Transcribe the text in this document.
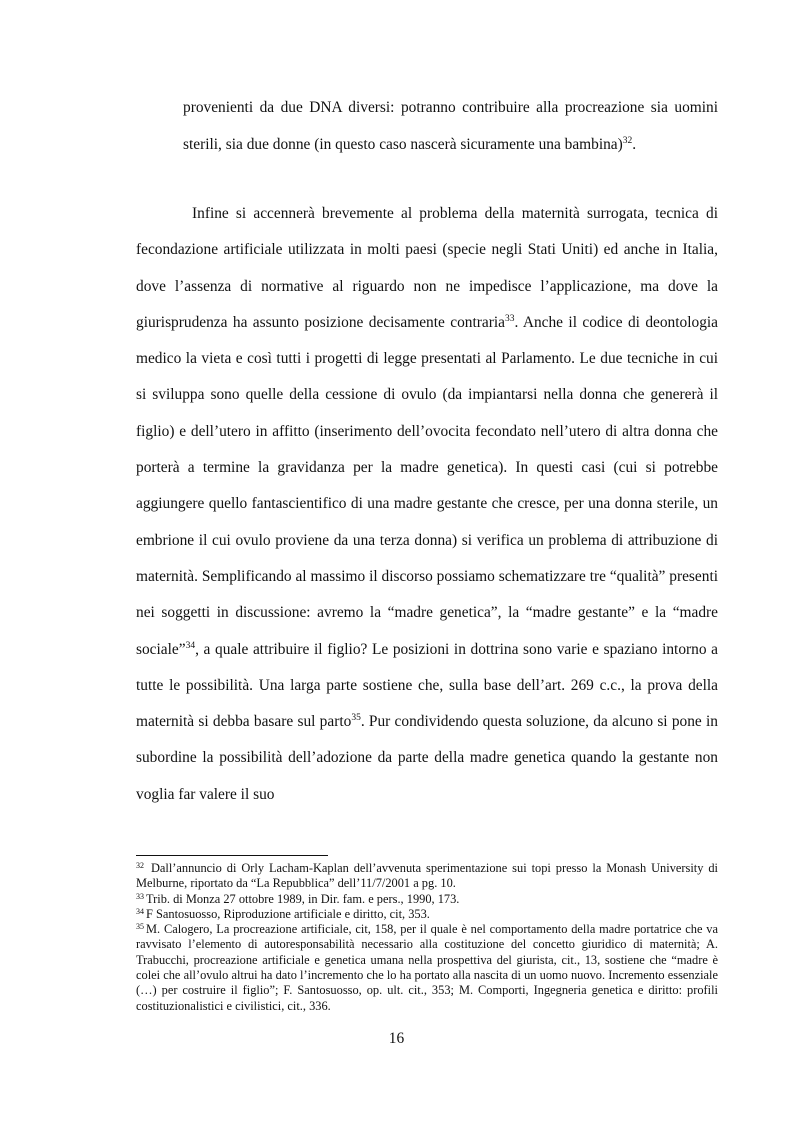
provenienti da due DNA diversi: potranno contribuire alla procreazione sia uomini sterili, sia due donne (in questo caso nascerà sicuramente una bambina)$^{32}$.

Infine si accennerà brevemente al problema della maternità surrogata, tecnica di fecondazione artificiale utilizzata in molti paesi (specie negli Stati Uniti) ed anche in Italia, dove l’assenza di normative al riguardo non ne impedisce l’applicazione, ma dove la giurisprudenza ha assunto posizione decisamente contraria$^{33}$. Anche il codice di deontologia medico la vieta e così tutti i progetti di legge presentati al Parlamento. Le due tecniche in cui si sviluppa sono quelle della cessione di ovulo (da impiantarsi nella donna che genererà il figlio) e dell’utero in affitto (inserimento dell’ovocita fecondato nell’utero di altra donna che porterà a termine la gravidanza per la madre genetica). In questi casi (cui si potrebbe aggiungere quello fantascientifico di una madre gestante che cresce, per una donna sterile, un embrione il cui ovulo proviene da una terza donna) si verifica un problema di attribuzione di maternità. Semplificando al massimo il discorso possiamo schematizzare tre “qualità” presenti nei soggetti in discussione: avremo la “madre genetica”, la “madre gestante” e la “madre sociale”$^{34}$, a quale attribuire il figlio? Le posizioni in dottrina sono varie e spaziano intorno a tutte le possibilità. Una larga parte sostiene che, sulla base dell’art. 269 c.c., la prova della maternità si debba basare sul parto$^{35}$. Pur condividendo questa soluzione, da alcuno si pone in subordine la possibilità dell’adozione da parte della madre genetica quando la gestante non voglia far valere il suo

$^{32}$ Dall’annuncio di Orly Lacham-Kaplan dell’avvenuta sperimentazione sui topi presso la Monash University di Melburne, riportato da “La Repubblica” dell’11/7/2001 a pg. 10.

$^{33}$ Trib. di Monza 27 ottobre 1989, in Dir. fam. e pers., 1990, 173.

$^{34}$ F Santosuosso, Riproduzione artificiale e diritto, cit, 353.

$^{35}$ M. Calogero, La procreazione artificiale, cit, 158, per il quale è nel comportamento della madre portatrice che va ravvisato l’elemento di autoresponsabilità necessario alla costituzione del concetto giuridico di maternità; A. Trabucchi, procreazione artificiale e genetica umana nella prospettiva del giurista, cit., 13, sostiene che “madre è colei che all’ovulo altrui ha dato l’incremento che lo ha portato alla nascita di un uomo nuovo. Incremento essenziale (…) per costruire il figlio”; F. Santosuosso, op. ult. cit., 353; M. Comporti, Ingegneria genetica e diritto: profili costituzionalistici e civilistici, cit., 336.

16
